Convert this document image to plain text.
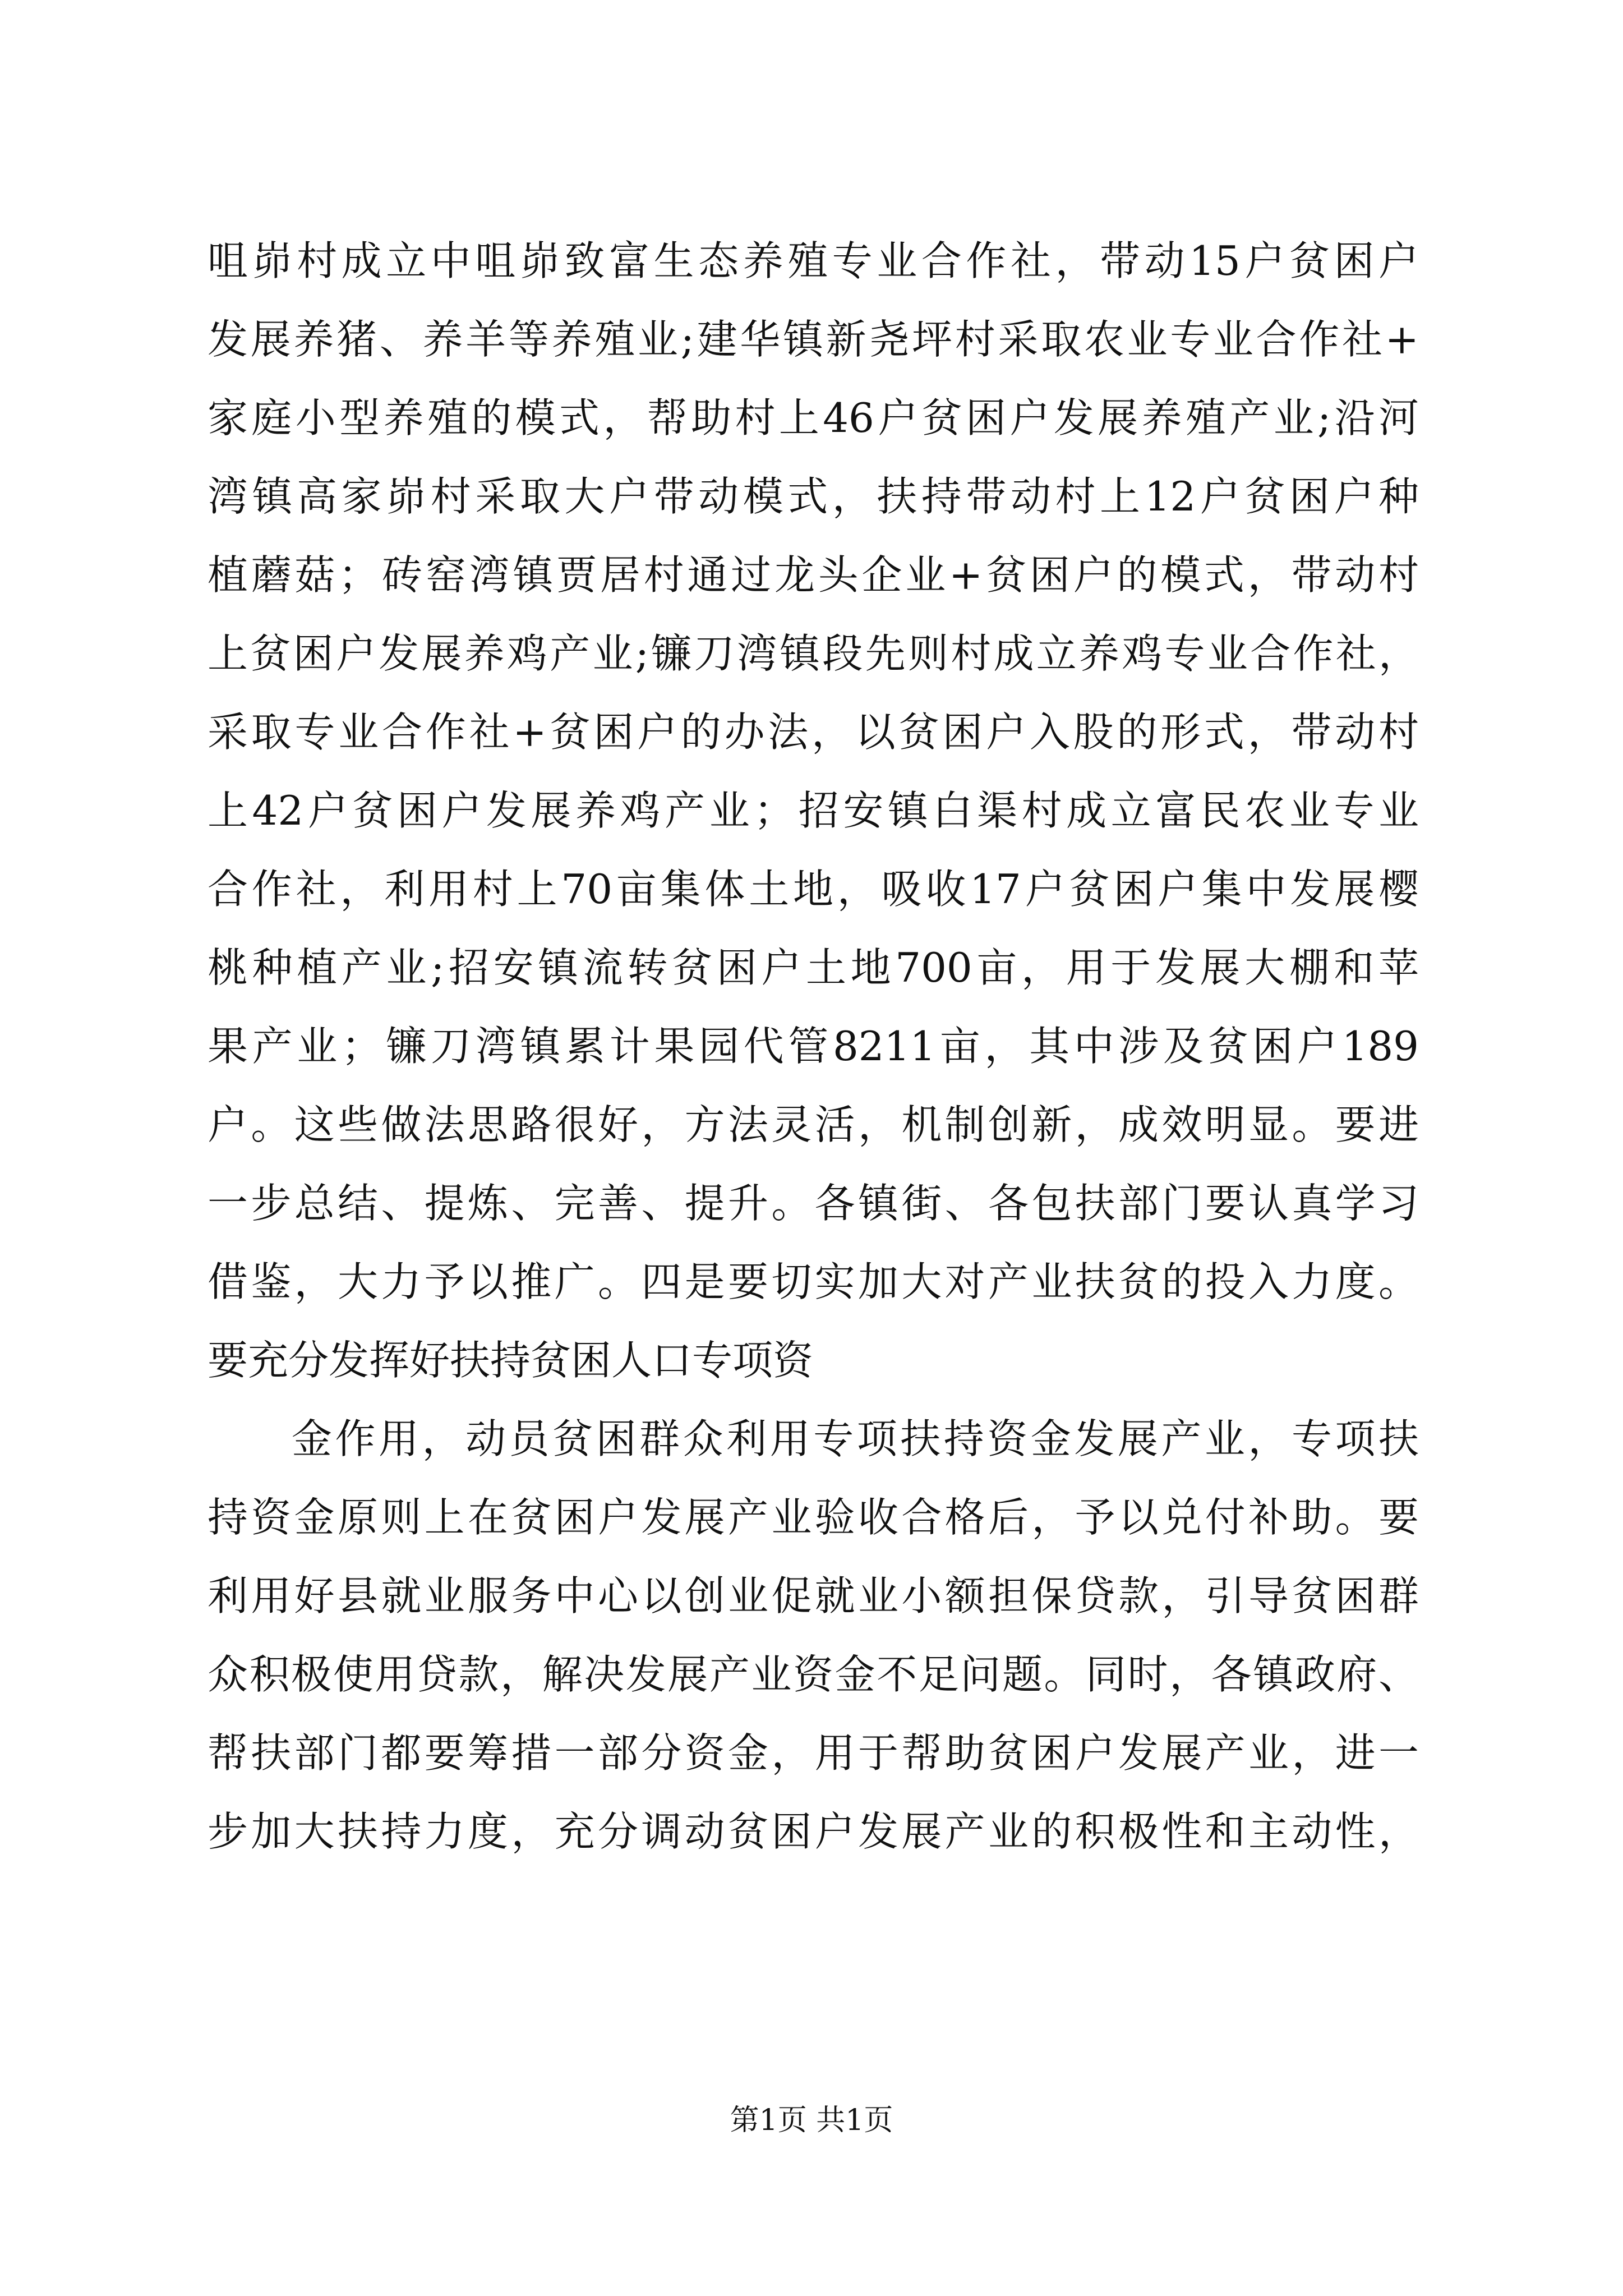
咀峁村成立中咀峁致富生态养殖专业合作社，带动15户贫困户
发展养猪、养羊等养殖业;建华镇新尧坪村采取农业专业合作社+
家庭小型养殖的模式，帮助村上46户贫困户发展养殖产业;沿河
湾镇高家峁村采取大户带动模式，扶持带动村上12户贫困户种
植蘑菇；砖窑湾镇贾居村通过龙头企业+贫困户的模式，带动村
上贫困户发展养鸡产业;镰刀湾镇段先则村成立养鸡专业合作社，
采取专业合作社+贫困户的办法，以贫困户入股的形式，带动村
上42户贫困户发展养鸡产业；招安镇白渠村成立富民农业专业
合作社，利用村上70亩集体土地，吸收17户贫困户集中发展樱
桃种植产业;招安镇流转贫困户土地700亩，用于发展大棚和苹
果产业；镰刀湾镇累计果园代管8211亩，其中涉及贫困户189
户。这些做法思路很好，方法灵活，机制创新，成效明显。要进
一步总结、提炼、完善、提升。各镇街、各包扶部门要认真学习
借鉴，大力予以推广。四是要切实加大对产业扶贫的投入力度。
要充分发挥好扶持贫困人口专项资
金作用，动员贫困群众利用专项扶持资金发展产业，专项扶
持资金原则上在贫困户发展产业验收合格后，予以兑付补助。要
利用好县就业服务中心以创业促就业小额担保贷款，引导贫困群
众积极使用贷款，解决发展产业资金不足问题。同时，各镇政府、
帮扶部门都要筹措一部分资金，用于帮助贫困户发展产业，进一
步加大扶持力度，充分调动贫困户发展产业的积极性和主动性，
第1页 共1页
